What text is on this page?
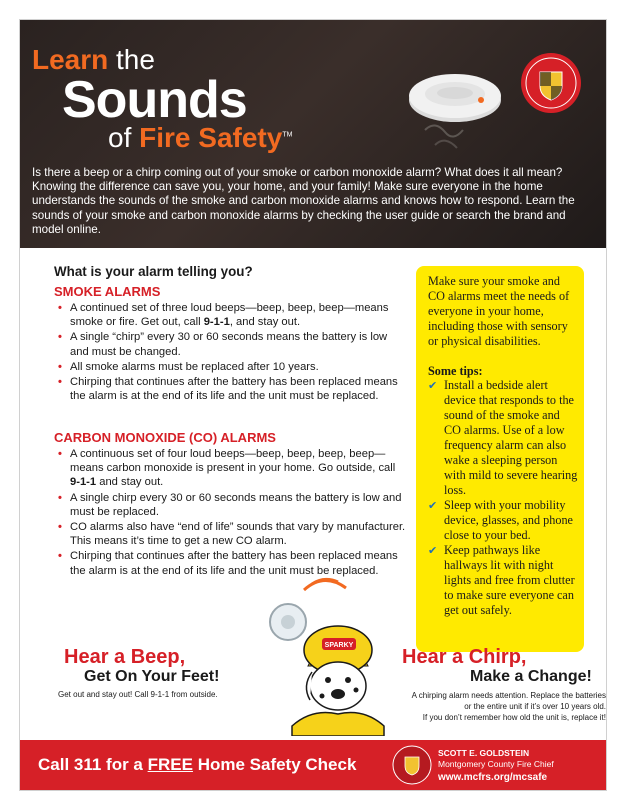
Learn the
Sounds
of Fire Safety™
Is there a beep or a chirp coming out of your smoke or carbon monoxide alarm? What does it all mean? Knowing the difference can save you, your home, and your family! Make sure everyone in the home understands the sounds of the smoke and carbon monoxide alarms and knows how to respond. Learn the sounds of your smoke and carbon monoxide alarms by checking the user guide or search the brand and model online.
What is your alarm telling you?
SMOKE ALARMS
• A continued set of three loud beeps—beep, beep, beep—means smoke or fire. Get out, call 9-1-1, and stay out.
• A single “chirp” every 30 or 60 seconds means the battery is low and must be changed.
• All smoke alarms must be replaced after 10 years.
• Chirping that continues after the battery has been replaced means the alarm is at the end of its life and the unit must be replaced.
CARBON MONOXIDE (CO) ALARMS
• A continuous set of four loud beeps—beep, beep, beep, beep—means carbon monoxide is present in your home. Go outside, call 9-1-1 and stay out.
• A single chirp every 30 or 60 seconds means the battery is low and must be replaced.
• CO alarms also have “end of life” sounds that vary by manufacturer. This means it’s time to get a new CO alarm.
• Chirping that continues after the battery has been replaced means the alarm is at the end of its life and the unit must be replaced.
Make sure your smoke and CO alarms meet the needs of everyone in your home, including those with sensory or physical disabilities.
Some tips:
✔ Install a bedside alert device that responds to the sound of the smoke and CO alarms. Use of a low frequency alarm can also wake a sleeping person with mild to severe hearing loss.
✔ Sleep with your mobility device, glasses, and phone close to your bed.
✔ Keep pathways like hallways lit with night lights and free from clutter to make sure everyone can get out safely.
SPARKY
Hear a Beep,
Get On Your Feet!
Get out and stay out! Call 9-1-1 from outside.
Hear a Chirp,
Make a Change!
A chirping alarm needs attention. Replace the batteries
or the entire unit if it’s over 10 years old.
If you don’t remember how old the unit is, replace it!
Call 311 for a FREE Home Safety Check
SCOTT E. GOLDSTEIN
Montgomery County Fire Chief
www.mcfrs.org/mcsafe
